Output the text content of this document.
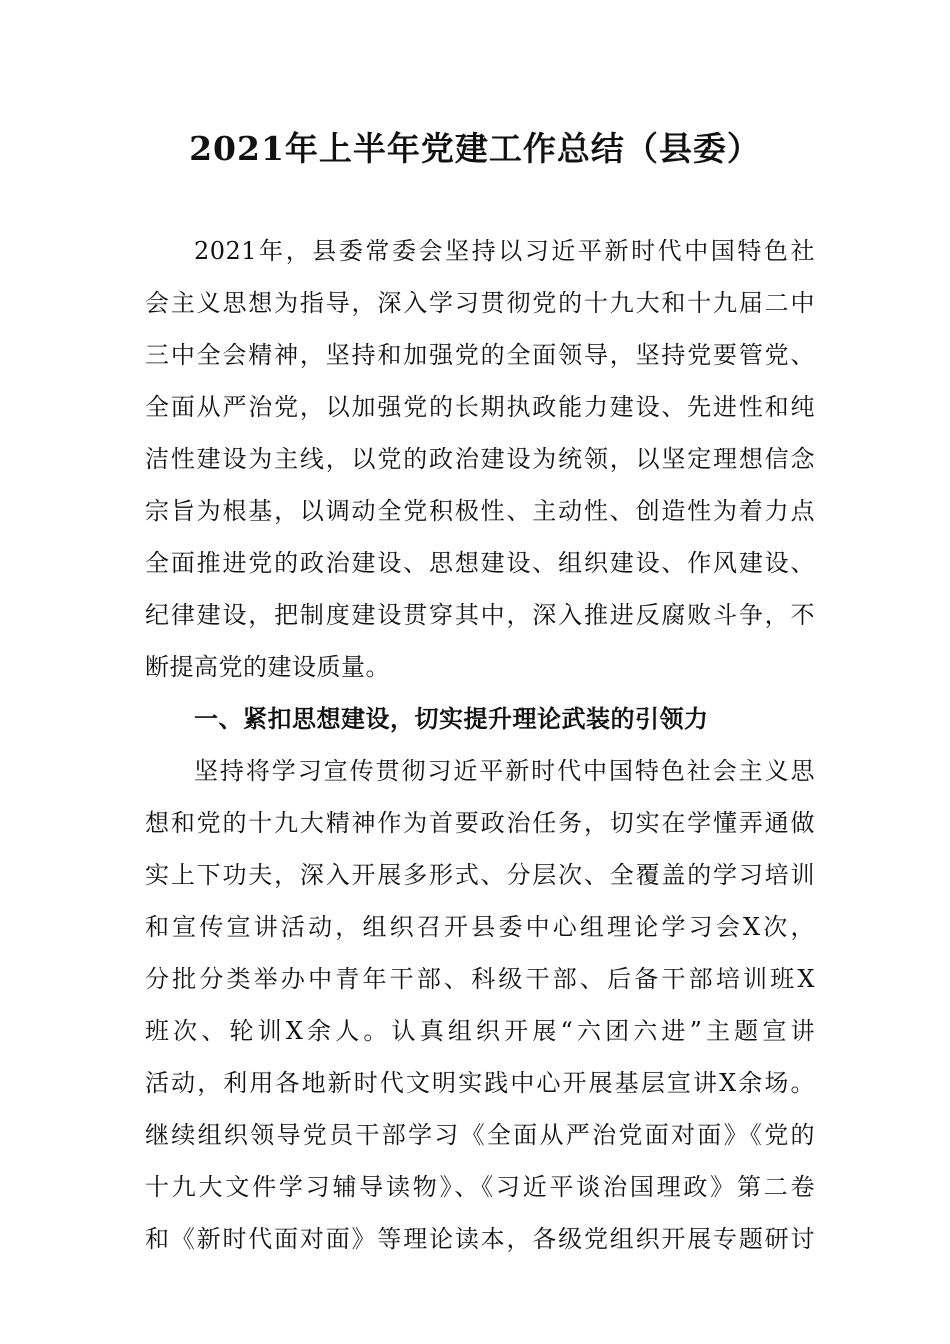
2021年上半年党建工作总结（县委）
2021年，县委常委会坚持以习近平新时代中国特色社
会主义思想为指导，深入学习贯彻党的十九大和十九届二中
三中全会精神，坚持和加强党的全面领导，坚持党要管党、
全面从严治党，以加强党的长期执政能力建设、先进性和纯
洁性建设为主线，以党的政治建设为统领，以坚定理想信念
宗旨为根基，以调动全党积极性、主动性、创造性为着力点
全面推进党的政治建设、思想建设、组织建设、作风建设、
纪律建设，把制度建设贯穿其中，深入推进反腐败斗争，不
断提高党的建设质量。
一、紧扣思想建设，切实提升理论武装的引领力
坚持将学习宣传贯彻习近平新时代中国特色社会主义思
想和党的十九大精神作为首要政治任务，切实在学懂弄通做
实上下功夫，深入开展多形式、分层次、全覆盖的学习培训
和宣传宣讲活动，组织召开县委中心组理论学习会X次，
分批分类举办中青年干部、科级干部、后备干部培训班X
班次、轮训X余人。认真组织开展“六团六进”主题宣讲
活动，利用各地新时代文明实践中心开展基层宣讲X余场。
继续组织领导党员干部学习《全面从严治党面对面》《党的
十九大文件学习辅导读物》、《习近平谈治国理政》第二卷
和《新时代面对面》等理论读本，各级党组织开展专题研讨
